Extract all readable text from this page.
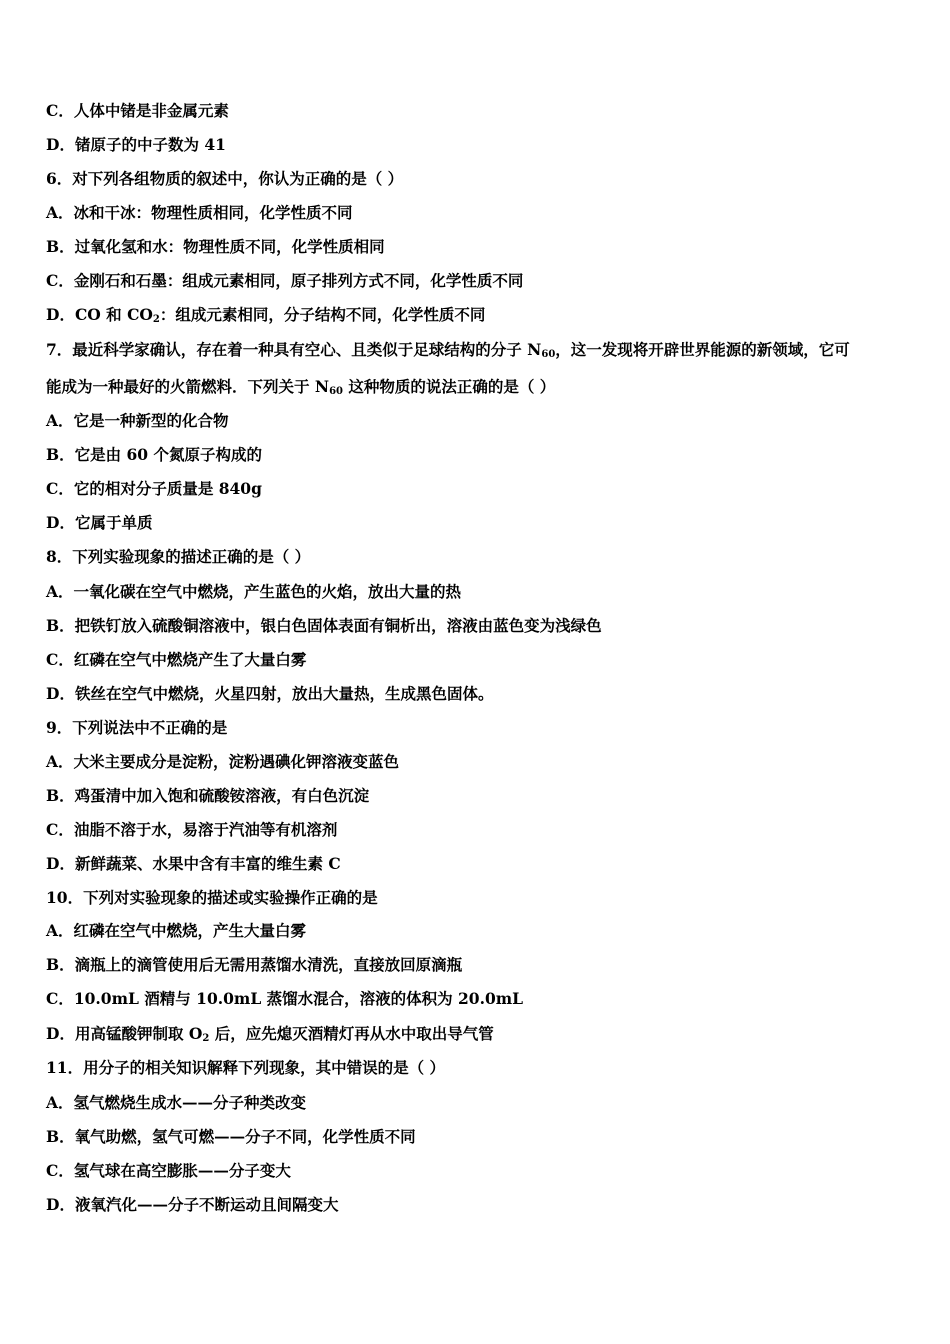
C．人体中锗是非金属元素
D．锗原子的中子数为 41
6．对下列各组物质的叙述中，你认为正确的是（ ）
A．冰和干冰：物理性质相同，化学性质不同
B．过氧化氢和水：物理性质不同，化学性质相同
C．金刚石和石墨：组成元素相同，原子排列方式不同，化学性质不同
D．CO 和 $CO_2$：组成元素相同，分子结构不同，化学性质不同
7．最近科学家确认，存在着一种具有空心、且类似于足球结构的分子 $N_{60}$，这一发现将开辟世界能源的新领域，它可
能成为一种最好的火箭燃料．下列关于 $N_{60}$ 这种物质的说法正确的是（ ）
A．它是一种新型的化合物
B．它是由 60 个氮原子构成的
C．它的相对分子质量是 840g
D．它属于单质
8．下列实验现象的描述正确的是（ ）
A．一氧化碳在空气中燃烧，产生蓝色的火焰，放出大量的热
B．把铁钉放入硫酸铜溶液中，银白色固体表面有铜析出，溶液由蓝色变为浅绿色
C．红磷在空气中燃烧产生了大量白雾
D．铁丝在空气中燃烧，火星四射，放出大量热，生成黑色固体。
9．下列说法中不正确的是
A．大米主要成分是淀粉，淀粉遇碘化钾溶液变蓝色
B．鸡蛋清中加入饱和硫酸铵溶液，有白色沉淀
C．油脂不溶于水，易溶于汽油等有机溶剂
D．新鲜蔬菜、水果中含有丰富的维生素 C
10．下列对实验现象的描述或实验操作正确的是
A．红磷在空气中燃烧，产生大量白雾
B．滴瓶上的滴管使用后无需用蒸馏水清洗，直接放回原滴瓶
C．10.0mL 酒精与 10.0mL 蒸馏水混合，溶液的体积为 20.0mL
D．用高锰酸钾制取 $O_2$ 后，应先熄灭酒精灯再从水中取出导气管
11．用分子的相关知识解释下列现象，其中错误的是（ ）
A．氢气燃烧生成水——分子种类改变
B．氧气助燃，氢气可燃——分子不同，化学性质不同
C．氢气球在高空膨胀——分子变大
D．液氧汽化——分子不断运动且间隔变大
